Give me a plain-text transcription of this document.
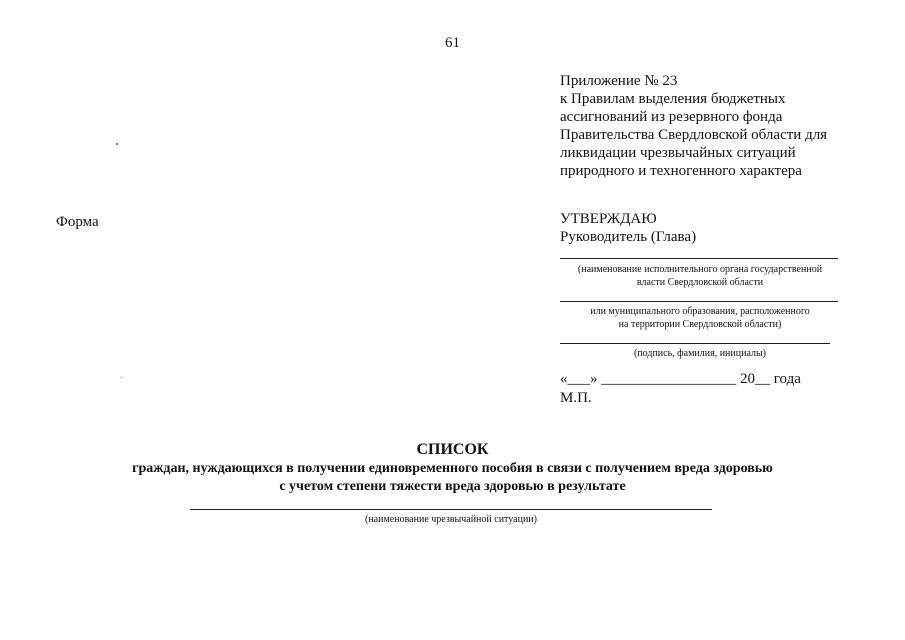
61
Приложение № 23
к Правилам выделения бюджетных
ассигнований из резервного фонда
Правительства Свердловской области для
ликвидации чрезвычайных ситуаций
природного и техногенного характера
Форма	УТВЕРЖДАЮ
Руководитель (Глава)
(наименование исполнительного органа государственной
власти Свердловской области
или муниципального образования, расположенного
на территории Свердловской области)
(подпись, фамилия, инициалы)
«___» __________________ 20__ года
М.П.
СПИСОК
граждан, нуждающихся в получении единовременного пособия в связи с получением вреда здоровью
с учетом степени тяжести вреда здоровью в результате
(наименование чрезвычайной ситуации)
